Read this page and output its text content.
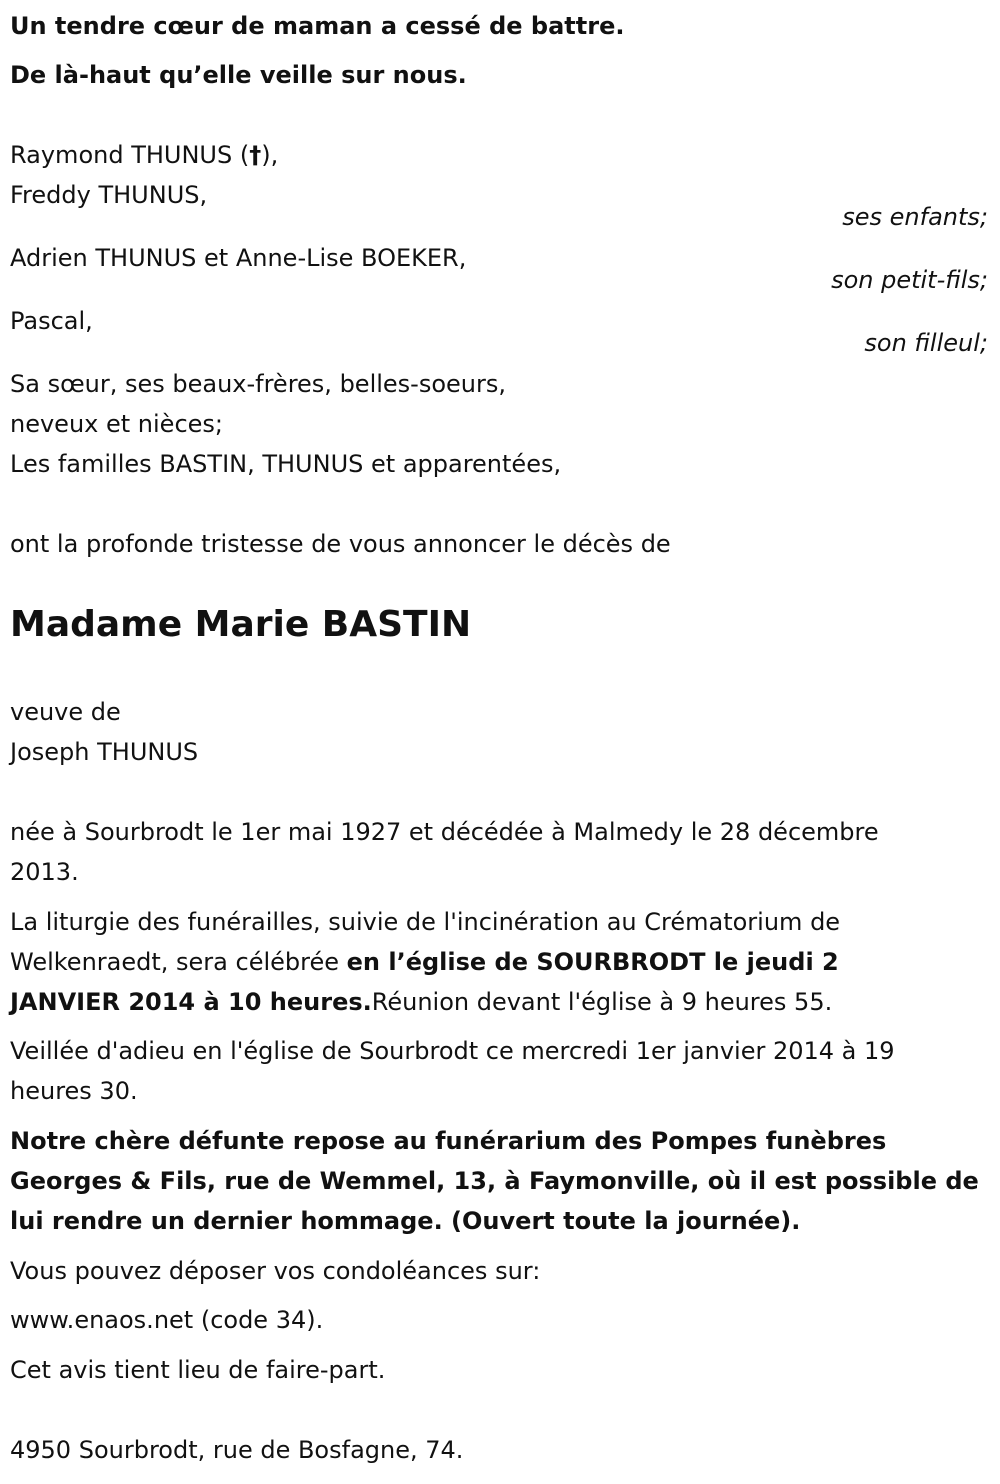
Un tendre cœur de maman a cessé de battre.
De là-haut qu’elle veille sur nous.
Raymond THUNUS (†),
Freddy THUNUS,
ses enfants;
Adrien THUNUS et Anne-Lise BOEKER,
son petit-fils;
Pascal,
son filleul;
Sa sœur, ses beaux-frères, belles-soeurs,
neveux et nièces;
Les familles BASTIN, THUNUS et apparentées,
ont la profonde tristesse de vous annoncer le décès de
Madame Marie BASTIN
veuve de
Joseph THUNUS
née à Sourbrodt le 1er mai 1927 et décédée à Malmedy le 28 décembre
2013.
La liturgie des funérailles, suivie de l'incinération au Crématorium de
Welkenraedt, sera célébrée en l’église de SOURBRODT le jeudi 2
JANVIER 2014 à 10 heures.Réunion devant l'église à 9 heures 55.
Veillée d'adieu en l'église de Sourbrodt ce mercredi 1er janvier 2014 à 19
heures 30.
Notre chère défunte repose au funérarium des Pompes funèbres
Georges & Fils, rue de Wemmel, 13, à Faymonville, où il est possible de
lui rendre un dernier hommage. (Ouvert toute la journée).
Vous pouvez déposer vos condoléances sur:
www.enaos.net (code 34).
Cet avis tient lieu de faire-part.
4950 Sourbrodt, rue de Bosfagne, 74.
